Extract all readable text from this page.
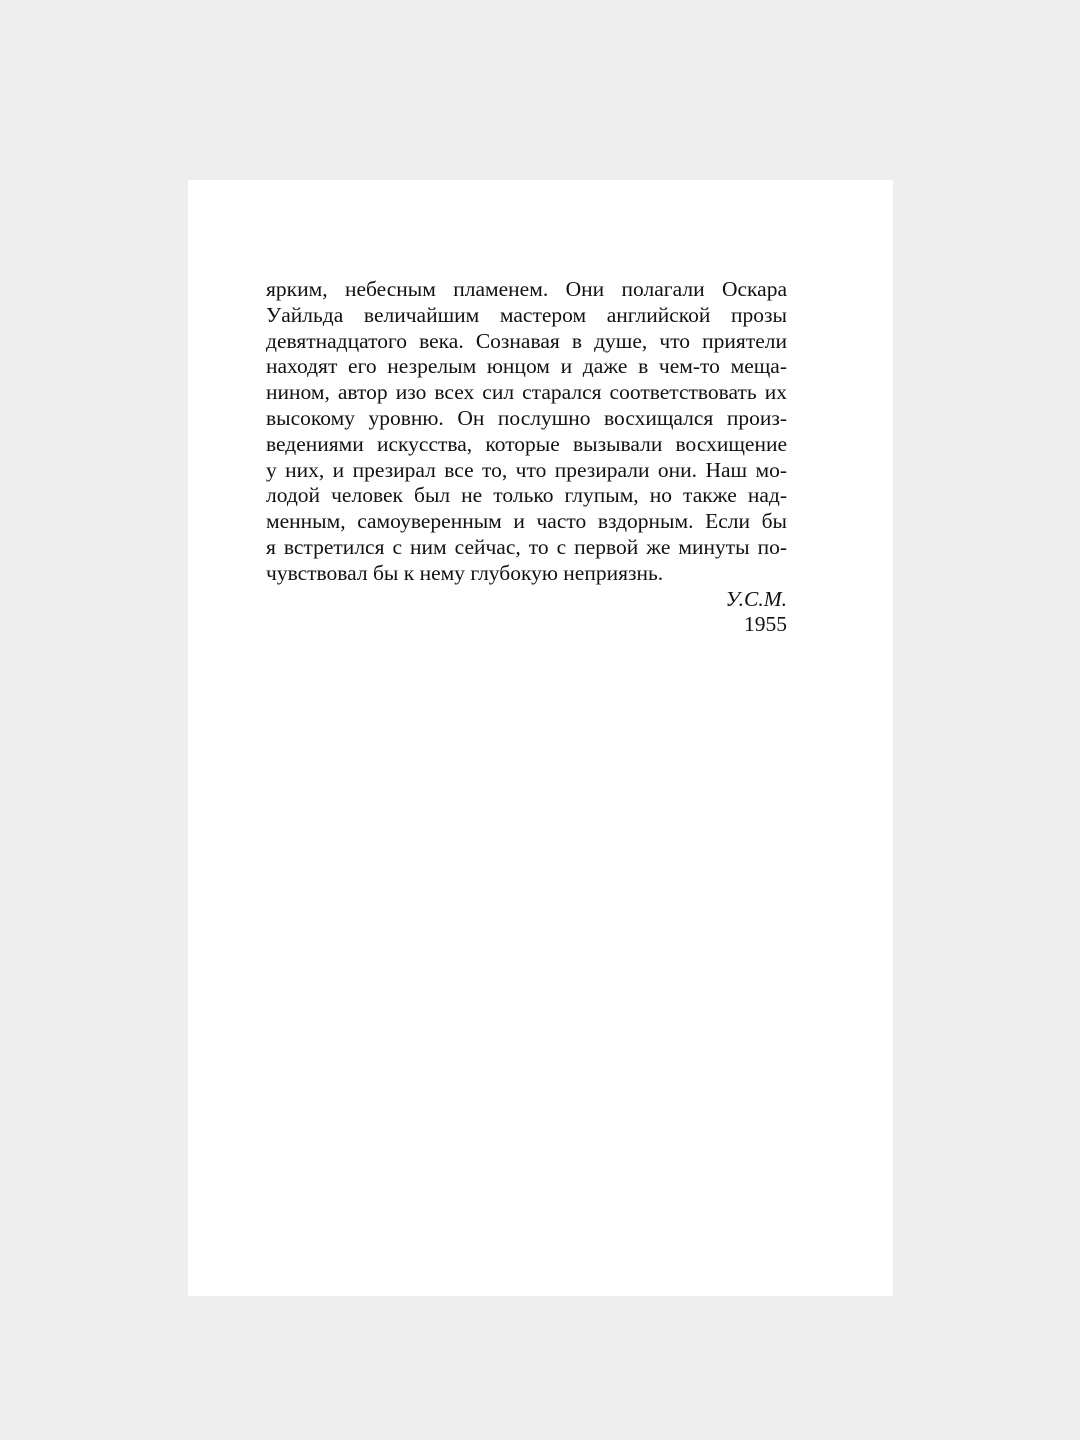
ярким, небесным пламенем. Они полагали Оскара
Уайльда величайшим мастером английской прозы
девятнадцатого века. Сознавая в душе, что приятели
находят его незрелым юнцом и даже в чем-то меща-
нином, автор изо всех сил старался соответствовать их
высокому уровню. Он послушно восхищался произ-
ведениями искусства, которые вызывали восхищение
у них, и презирал все то, что презирали они. Наш мо-
лодой человек был не только глупым, но также над-
менным, самоуверенным и часто вздорным. Если бы
я встретился с ним сейчас, то с первой же минуты по-
чувствовал бы к нему глубокую неприязнь.
У.С.М.
1955
